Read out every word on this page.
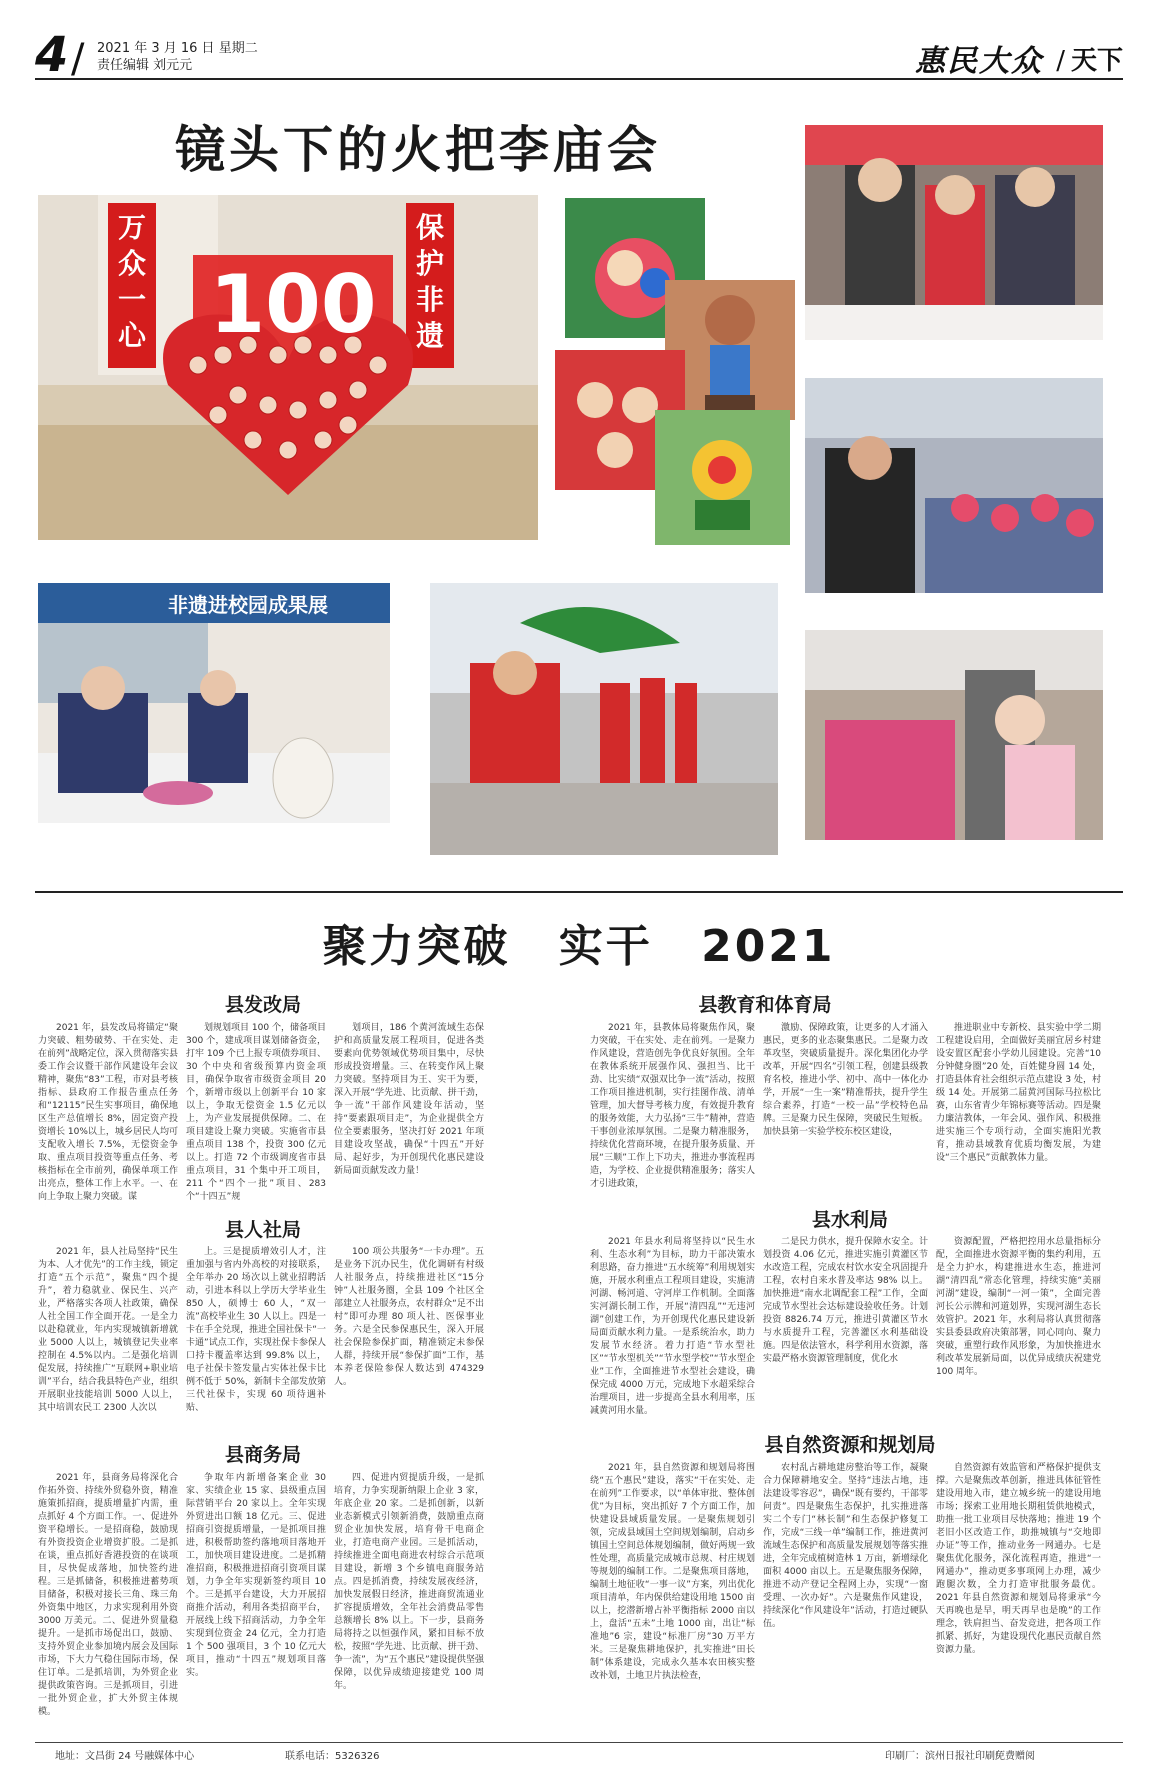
4 / 2021 年 3 月 16 日 星期二
责任编辑 刘元元	惠民大众
/	天下
镜头下的火把李庙会
万众一心
保护非遗
100
非遗进校园成果展
聚力突破 实干 2021
县发改局
2021 年，县发改局将锚定“聚力突破、粗势破势、干在实处、走在前列”战略定位，深入贯彻落实县委工作会议暨干部作风建设年会议精神，聚焦“83”工程，市对县考核指标、县政府工作报告重点任务和“12115”民生实事项目，确保地区生产总值增长 8%，固定资产投资增长 10%以上，城乡居民人均可支配收入增长 7.5%，无偿资金争取、重点项目投资等重点任务、考核指标在全市前列，确保单项工作出亮点，整体工作上水平。一、在向上争取上聚力突破。谋
划规划项目 100 个，储备项目 300 个，建成项目谋划储备资金，打牢 109 个已上报专项债券项目、30 个中央和省级预算内资金项目，确保争取省市级资金项目 20 个，新增市级以上创新平台 10 家以上，争取无偿资金 1.5 亿元以上，为产业发展提供保障。二、在项目建设上聚力突破。实施省市县重点项目 138 个，投资 300 亿元以上。打造 72 个市级调度省市县重点项目，31 个集中开工项目，211 个“四个一批”项目、283 个“十四五”规
划项目，186 个黄河流域生态保护和高质量发展工程项目，促进各类要素向优势领域优势项目集中，尽快形成投资增量。三、在转变作风上聚力突破。坚持项目为王、实干为要，深入开展“学先进、比贡献、拼干劲，争一流”干部作风建设年活动，坚持“要素跟项目走”，为企业提供全方位全要素服务，坚决打好 2021 年项目建设攻坚战，确保“十四五”开好局、起好步，为开创现代化惠民建设新局面贡献发改力量！
县教育和体育局
2021 年，县教体局将聚焦作风，聚力突破，干在实处、走在前列。一是聚力作风建设，营造创先争优良好氛围。全年在教体系统开展强作风、强担当、比干劲、比实绩“双强双比争一流”活动，按照工作项目推进机制，实行挂图作战、清单管理，加大督导考核力度，有效提升教育的服务效能，大力弘扬“三牛”精神，营造干事创业浓厚氛围。二是聚力精准服务，持续优化营商环境，在提升服务质量、开展“三顺”工作上下功夫，推进办事流程再造，为学校、企业提供精准服务；落实人才引进政策，
激励、保障政策，让更多的人才涌入惠民，更多的业态聚集惠民。二是聚力改革攻坚，突破质量提升。深化集团化办学改革，开展“四名”引领工程，创建县级教育名校，推进小学、初中、高中一体化办学，开展“一生一案”精准帮扶，提升学生综合素养，打造“一校一品”学校特色品牌。三是聚力民生保障，突破民生短板。加快县第一实验学校东校区建设，
推进职业中专新校、县实验中学二期工程建设启用，全面做好美丽宜居乡村建设安置区配套小学幼儿园建设。完善“10 分钟健身圈”20 处，百姓健身圆 14 处，打造县体育社会组织示范点建设 3 处，村级 14 处。开展第二届黄河国际马拉松比赛，山东省青少年锦标赛等活动。四是聚力廉洁教体，一年会风、强作风、积极推进实施三个专项行动，全面实施阳光教育，推动县域教育优质均衡发展，为建设“三个惠民”贡献教体力量。
县人社局
2021 年，县人社局坚持“民生为本、人才优先”的工作主线，锁定打造“五个示范”，聚焦“四个提升”，着力稳就业、保民生、兴产业，严格落实各项人社政策，确保人社全国工作全面开花。一是全力以赴稳就业，年内实现城镇新增就业 5000 人以上，城镇登记失业率控制在 4.5%以内。二是强化培训促发展，持续推广“互联网+职业培训”平台，结合我县特色产业，组织开展职业技能培训 5000 人以上，其中培训农民工 2300 人次以
上。三是提质增效引人才，注重加强与省内外高校的对接联系，全年举办 20 场次以上就业招聘活动，引进本科以上学历大学毕业生 850 人，硕博士 60 人，“双一流”高校毕业生 30 人以上。四是一卡在手全兑现，推进全国社保卡“一卡通”试点工作，实现社保卡参保人口持卡覆盖率达到 99.8% 以上，电子社保卡签发量占实体社保卡比例不低于 50%，新制卡全部发放第三代社保卡，实现 60 项待遇补贴、
100 项公共服务“一卡办理”。五是业务下沉办民生，优化调研有村级人社服务点，持续推进社区“15分钟”人社服务圈，全县 109 个社区全部建立人社服务点，农村群众“足不出村”即可办理 80 项人社、医保事业务。六是全民参保惠民生，深入开展社会保险参保扩面，精准锁定未参保人群，持续开展“参保扩面”工作，基本养老保险参保人数达到 474329 人。
县水利局
2021 年县水利局将坚持以“民生水利、生态水利”为目标，助力干部决策水利思路，奋力推进“五水统筹”利用规划实施，开展水利重点工程项目建设，实施清河湖、畅河道、守河岸工作机制。全面落实河湖长制工作，开展“清四乱”“无违河湖”创建工作，为开创现代化惠民建设新局面贡献水利力量。一是系统治水，助力发展节水经济。着力打造“节水型社区”“节水型机关”“节水型学校”“节水型企业”工作，全面推进节水型社会建设，确保完成 4000 万元，完成地下水超采综合治理项目，进一步提高全县水利用率，压减黄河用水量。
二是民力供水，提升保障水安全。计划投资 4.06 亿元，推进实施引黄灌区节水改造工程，完成农村饮水安全巩固提升工程，农村自来水普及率达 98% 以上。加快推进“南水北调配套工程”工作，全面完成节水型社会达标建设验收任务。计划投资 8826.74 万元，推进引黄灌区节水与水质提升工程，完善灌区水利基础设施。四是依法管水，科学利用水资源，落实最严格水资源管理制度，优化水
资源配置，严格把控用水总量指标分配，全面推进水资源平衡的集约利用，五是全力护水，构建推进水生态，推进河湖“清四乱”常态化管理，持续实施“美丽河湖”建设，编制“一河一策”，全面完善河长公示牌和河道划界，实现河湖生态长效管护。2021 年，水利局将认真贯彻落实县委县政府决策部署，同心同向、聚力突破，重塑行政作风形象，为加快推进水利改革发展新局面，以优异成绩庆祝建党 100 周年。
县商务局
2021 年，县商务局将深化合作拓外资、持续外贸稳外资，精准施策抓招商，提质增量扩内需，重点抓好 4 个方面工作。一、促进外资平稳增长。一是招商稳，鼓励现有外资投资企业增资扩股。二是抓在谈，重点抓好香港投资的在谈项目，尽快促成落地，加快签约进程。三是抓储备，积极推进蓄势项目储备，积极对接长三角、珠三角外资集中地区，力求实现利用外资 3000 万美元。二、促进外贸量稳提升。一是抓市场促出口，鼓励、支持外贸企业参加境内展会及国际市场，下大力气稳住国际市场，保住订单。二是抓培训，为外贸企业提供政策咨询。三是抓项目，引进一批外贸企业，扩大外贸主体规模。
争取年内新增备案企业 30 家、实绩企业 15 家、县级重点国际营销平台 20 家以上。全年实现外贸进出口额 18 亿元。三、促进招商引资提质增量，一是抓项目推进，积极帮助签约落地项目落地开工，加快项目建设进度。二是抓精准招商，积极推进招商引资项目谋划，力争全年实现新签约项目 10 个。三是抓平台建设，大力开展招商推介活动，利用各类招商平台，开展线上线下招商活动，力争全年实现到位资金 24 亿元，全力打造 1 个 500 强项目，3 个 10 亿元大项目，推动“十四五”规划项目落实。
四、促进内贸提质升级，一是抓培育，力争实现新纳限上企业 3 家，年底企业 20 家。二是抓创新，以新业态新模式引领新消费，鼓励重点商贸企业加快发展，培育骨干电商企业，打造电商产业园。三是抓活动，持续推进全面电商进农村综合示范项目建设，新增 3 个乡镇电商服务站点。四是抓消费，持续发展夜经济，加快发展假日经济，推进商贸流通业扩容提质增效，全年社会消费品零售总额增长 8% 以上。下一步，县商务局将持之以恒强作风，紧扣目标不放松，按照“学先进、比贡献、拼干劲、争一流”，为“五个惠民”建设提供坚强保障，以优异成绩迎接建党 100 周年。
县自然资源和规划局
2021 年，县自然资源和规划局将围绕“五个惠民”建设，落实“干在实处、走在前列”工作要求，以“单体审批、整体创优”为目标，突出抓好 7 个方面工作，加快建设县域质量发展。一是聚焦规划引领，完成县域国土空间规划编制，启动乡镇国土空间总体规划编制，做好两规一致性处理，高质量完成城市总规、村庄规划等规划的编制工作。二是聚焦项目落地，编制土地征收“一事一议”方案，列出优化项目清单，年内保供给建设用地 1500 亩以上，挖潜新增占补平衡指标 2000 亩以上，盘活“五未”土地 1000 亩，出让“标准地”6 宗，建设“标准厂房”30 万平方米。三是聚焦耕地保护，扎实推进“田长制”体系建设，完成永久基本农田核实整改补划，土地卫片执法检查，
农村乱占耕地建房整治等工作，凝聚合力保障耕地安全。坚持“违法占地，违法建设零容忍”，确保“既有要约，干部零问责”。四是聚焦生态保护，扎实推进落实二个专门“林长制”和生态保护修复工作，完成“三线一单”编制工作，推进黄河流域生态保护和高质量发展规划等落实推进，全年完成植树造林 1 万亩，新增绿化面积 4000 亩以上。五是聚焦服务保障，推进不动产登记全程网上办，实现“一窗受理、一次办好”。六是聚焦作风建设，持续深化“作风建设年”活动，打造过硬队伍。
自然资源有效监管和严格保护提供支撑。六是聚焦改革创新，推进具体征管性建设用地入市，建立城乡统一的建设用地市场；探索工业用地长期租赁供地模式，助推一批工业项目尽快落地；推进 19 个老旧小区改造工作，助推城镇与“交地即办证”等工作，推动业务一网通办。七是聚焦优化服务，深化流程再造，推进“一网通办”，推动更多事项网上办理，减少跑腿次数，全力打造审批服务最优。2021 年县自然资源和规划局将秉承“今天再晚也是早，明天再早也是晚”的工作理念，铁肩担当、奋发竞进，把各项工作抓紧、抓好，为建设现代化惠民贡献自然资源力量。
地址：文昌街 24 号融媒体中心	联系电话：5326326	印刷厂：滨州日报社印刷厂
免费赠阅
